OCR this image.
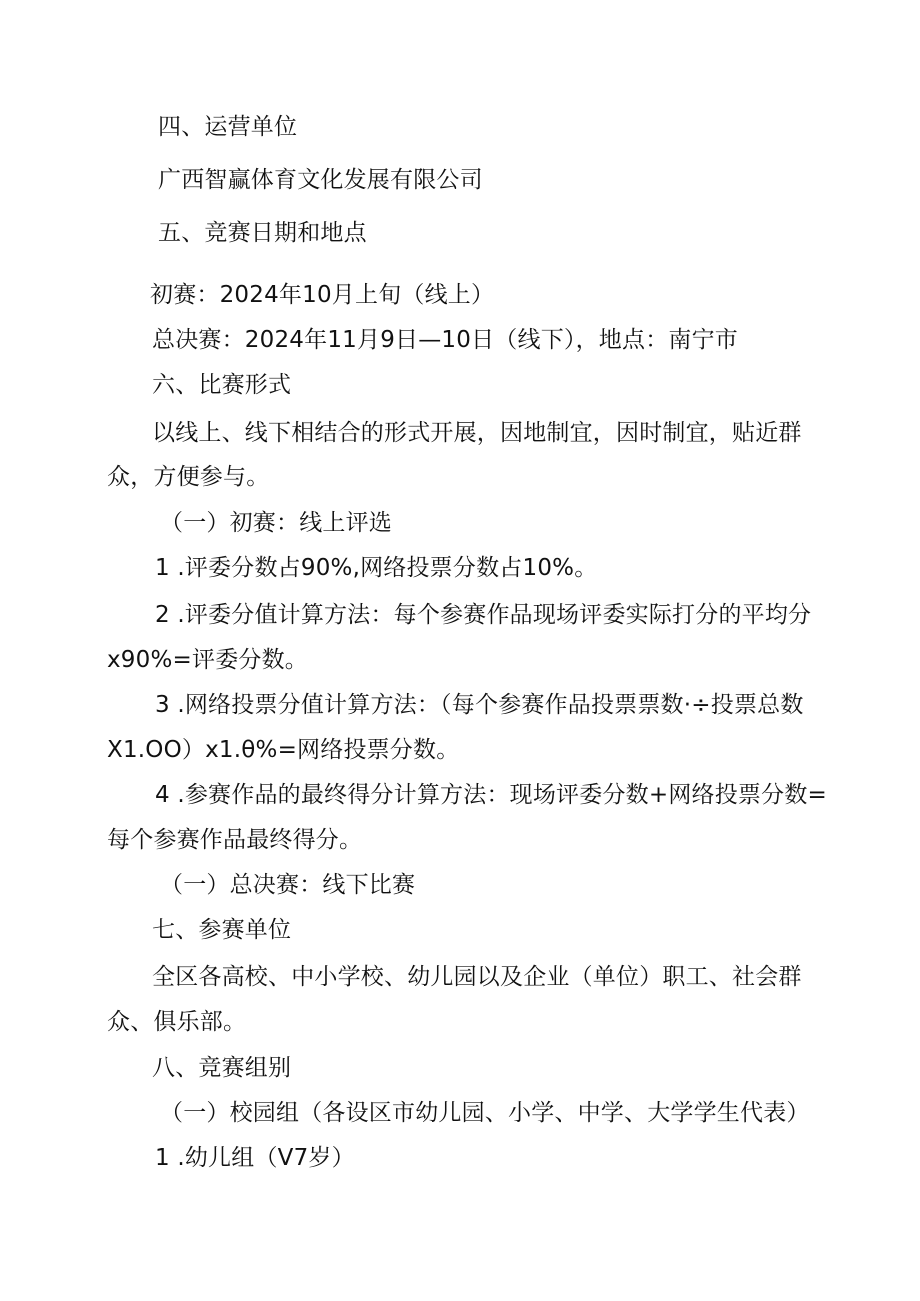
四、运营单位
广西智赢体育文化发展有限公司
五、竞赛日期和地点
初赛：2024年10月上旬（线上）
总决赛：2024年11月9日—10日（线下），地点：南宁市
六、比赛形式
以线上、线下相结合的形式开展，因地制宜，因时制宜，贴近群
众，方便参与。
（一）初赛：线上评选
1 .评委分数占90%,网络投票分数占10%。
2 .评委分值计算方法：每个参赛作品现场评委实际打分的平均分
x90%=评委分数。
3 .网络投票分值计算方法：（每个参赛作品投票票数·÷投票总数
X1.OO）x1.θ%=网络投票分数。
4 .参赛作品的最终得分计算方法：现场评委分数+网络投票分数=
每个参赛作品最终得分。
（一）总决赛：线下比赛
七、参赛单位
全区各高校、中小学校、幼儿园以及企业（单位）职工、社会群
众、俱乐部。
八、竞赛组别
（一）校园组（各设区市幼儿园、小学、中学、大学学生代表）
1 .幼儿组（V7岁）
